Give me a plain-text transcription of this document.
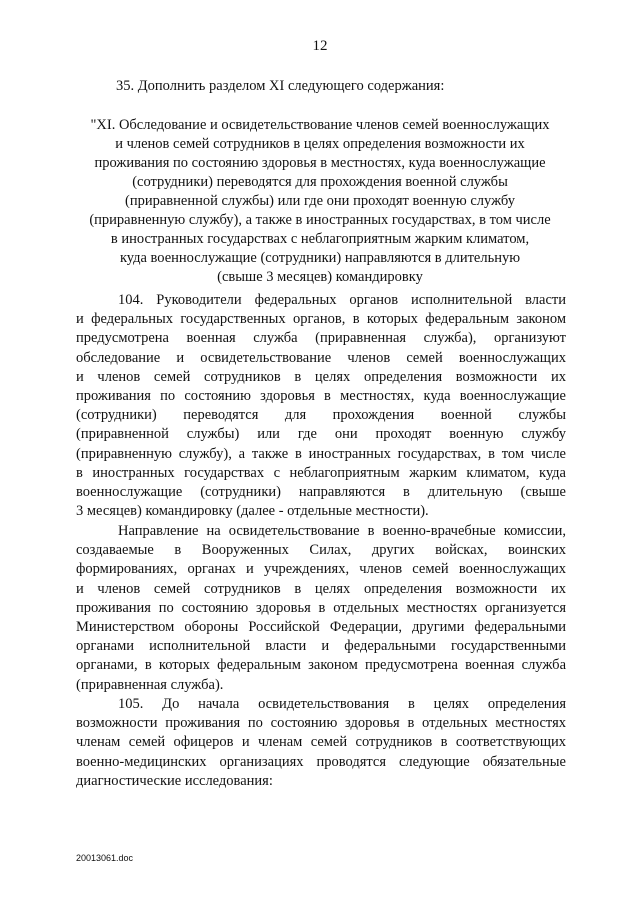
12
35. Дополнить разделом XI следующего содержания:
"XI. Обследование и освидетельствование членов семей военнослужащих
и членов семей сотрудников в целях определения возможности их
проживания по состоянию здоровья в местностях, куда военнослужащие
(сотрудники) переводятся для прохождения военной службы
(приравненной службы) или где они проходят военную службу
(приравненную службу), а также в иностранных государствах, в том числе
в иностранных государствах с неблагоприятным жарким климатом,
куда военнослужащие (сотрудники) направляются в длительную
(свыше 3 месяцев) командировку
104. Руководители федеральных органов исполнительной власти
и федеральных государственных органов, в которых федеральным законом
предусмотрена военная служба (приравненная служба), организуют
обследование и освидетельствование членов семей военнослужащих
и членов семей сотрудников в целях определения возможности их
проживания по состоянию здоровья в местностях, куда военнослужащие
(сотрудники) переводятся для прохождения военной службы
(приравненной службы) или где они проходят военную службу
(приравненную службу), а также в иностранных государствах, в том числе
в иностранных государствах с неблагоприятным жарким климатом, куда
военнослужащие (сотрудники) направляются в длительную (свыше
3 месяцев) командировку (далее - отдельные местности).
Направление на освидетельствование в военно-врачебные комиссии,
создаваемые в Вооруженных Силах, других войсках, воинских
формированиях, органах и учреждениях, членов семей военнослужащих
и членов семей сотрудников в целях определения возможности их
проживания по состоянию здоровья в отдельных местностях организуется
Министерством обороны Российской Федерации, другими федеральными
органами исполнительной власти и федеральными государственными
органами, в которых федеральным законом предусмотрена военная служба
(приравненная служба).
105. До начала освидетельствования в целях определения
возможности проживания по состоянию здоровья в отдельных местностях
членам семей офицеров и членам семей сотрудников в соответствующих
военно-медицинских организациях проводятся следующие обязательные
диагностические исследования:
20013061.doc
